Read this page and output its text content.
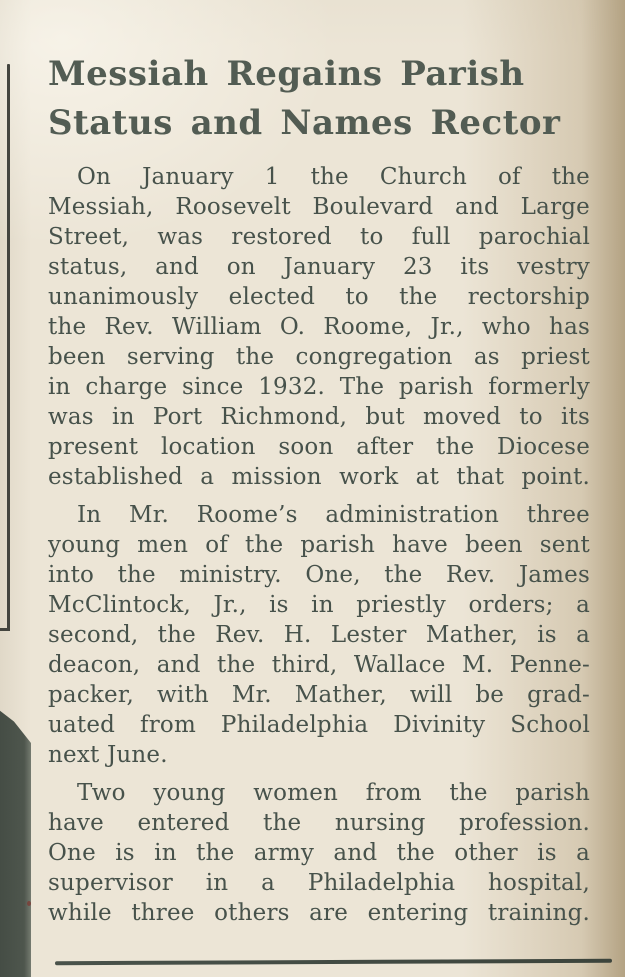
Messiah Regains Parish
Status and Names Rector
On January 1 the Church of the
Messiah, Roosevelt Boulevard and Large
Street, was restored to full parochial
status, and on January 23 its vestry
unanimously elected to the rectorship
the Rev. William O. Roome, Jr., who has
been serving the congregation as priest
in charge since 1932. The parish formerly
was in Port Richmond, but moved to its
present location soon after the Diocese
established a mission work at that point.
In Mr. Roome’s administration three
young men of the parish have been sent
into the ministry. One, the Rev. James
McClintock, Jr., is in priestly orders; a
second, the Rev. H. Lester Mather, is a
deacon, and the third, Wallace M. Penne-
packer, with Mr. Mather, will be grad-
uated from Philadelphia Divinity School
next June.
Two young women from the parish
have entered the nursing profession.
One is in the army and the other is a
supervisor in a Philadelphia hospital,
while three others are entering training.
